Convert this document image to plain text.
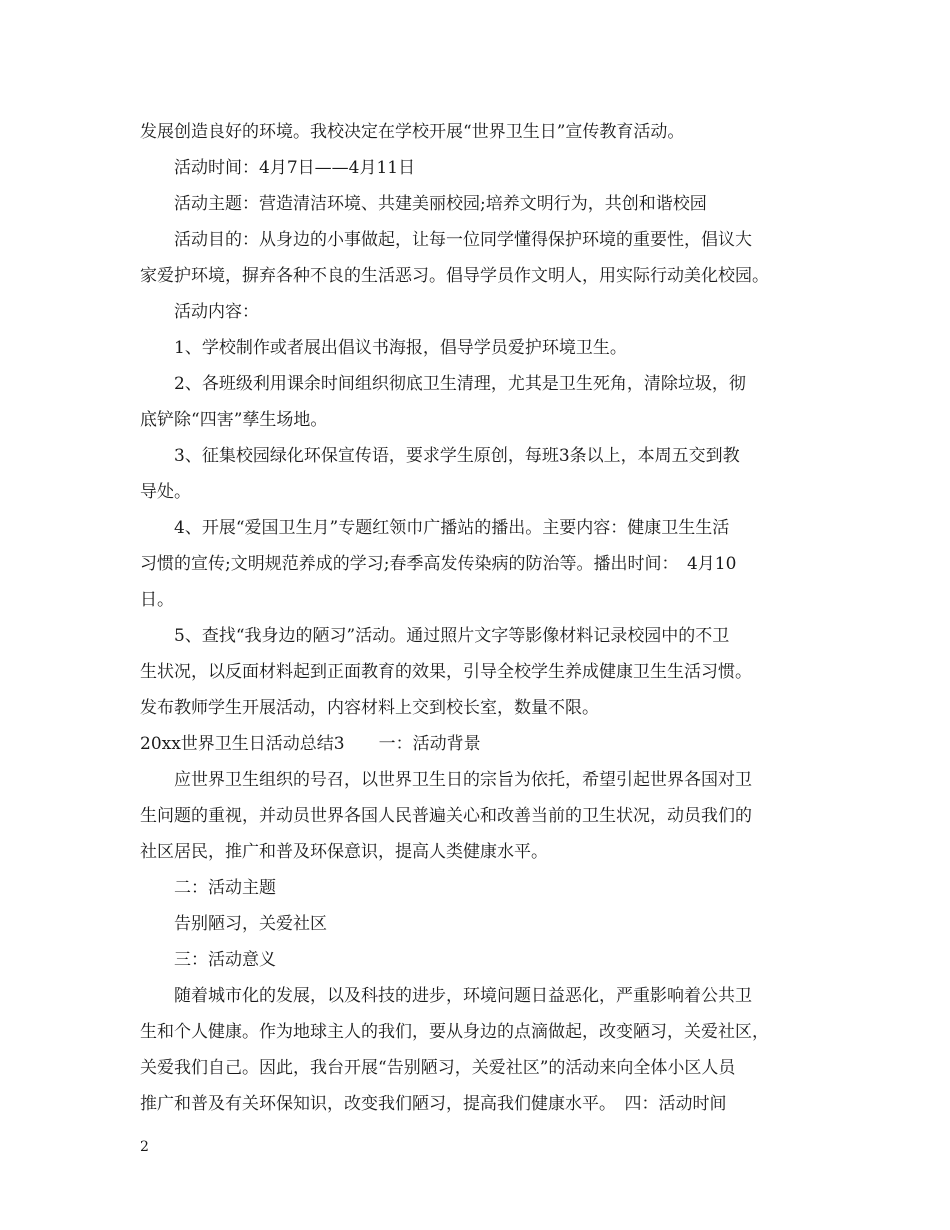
发展创造良好的环境。我校决定在学校开展“世界卫生日”宣传教育活动。
活动时间：4月7日——4月11日
活动主题：营造清洁环境、共建美丽校园;培养文明行为，共创和谐校园
活动目的：从身边的小事做起，让每一位同学懂得保护环境的重要性，倡议大
家爱护环境，摒弃各种不良的生活恶习。倡导学员作文明人，用实际行动美化校园。
活动内容：
1、学校制作或者展出倡议书海报，倡导学员爱护环境卫生。
2、各班级利用课余时间组织彻底卫生清理，尤其是卫生死角，清除垃圾，彻
底铲除“四害”孳生场地。
3、征集校园绿化环保宣传语，要求学生原创，每班3条以上，本周五交到教
导处。
4、开展“爱国卫生月”专题红领巾广播站的播出。主要内容：健康卫生生活
习惯的宣传;文明规范养成的学习;春季高发传染病的防治等。播出时间：　4月10
日。
5、查找“我身边的陋习”活动。通过照片文字等影像材料记录校园中的不卫
生状况，以反面材料起到正面教育的效果，引导全校学生养成健康卫生生活习惯。
发布教师学生开展活动，内容材料上交到校长室，数量不限。
20xx世界卫生日活动总结3　　一：活动背景
应世界卫生组织的号召，以世界卫生日的宗旨为依托，希望引起世界各国对卫
生问题的重视，并动员世界各国人民普遍关心和改善当前的卫生状况，动员我们的
社区居民，推广和普及环保意识，提高人类健康水平。
二：活动主题
告别陋习，关爱社区
三：活动意义
随着城市化的发展，以及科技的进步，环境问题日益恶化，严重影响着公共卫
生和个人健康。作为地球主人的我们，要从身边的点滴做起，改变陋习，关爱社区，
关爱我们自己。因此，我台开展“告别陋习，关爱社区”的活动来向全体小区人员
推广和普及有关环保知识，改变我们陋习，提高我们健康水平。　四：活动时间
2
